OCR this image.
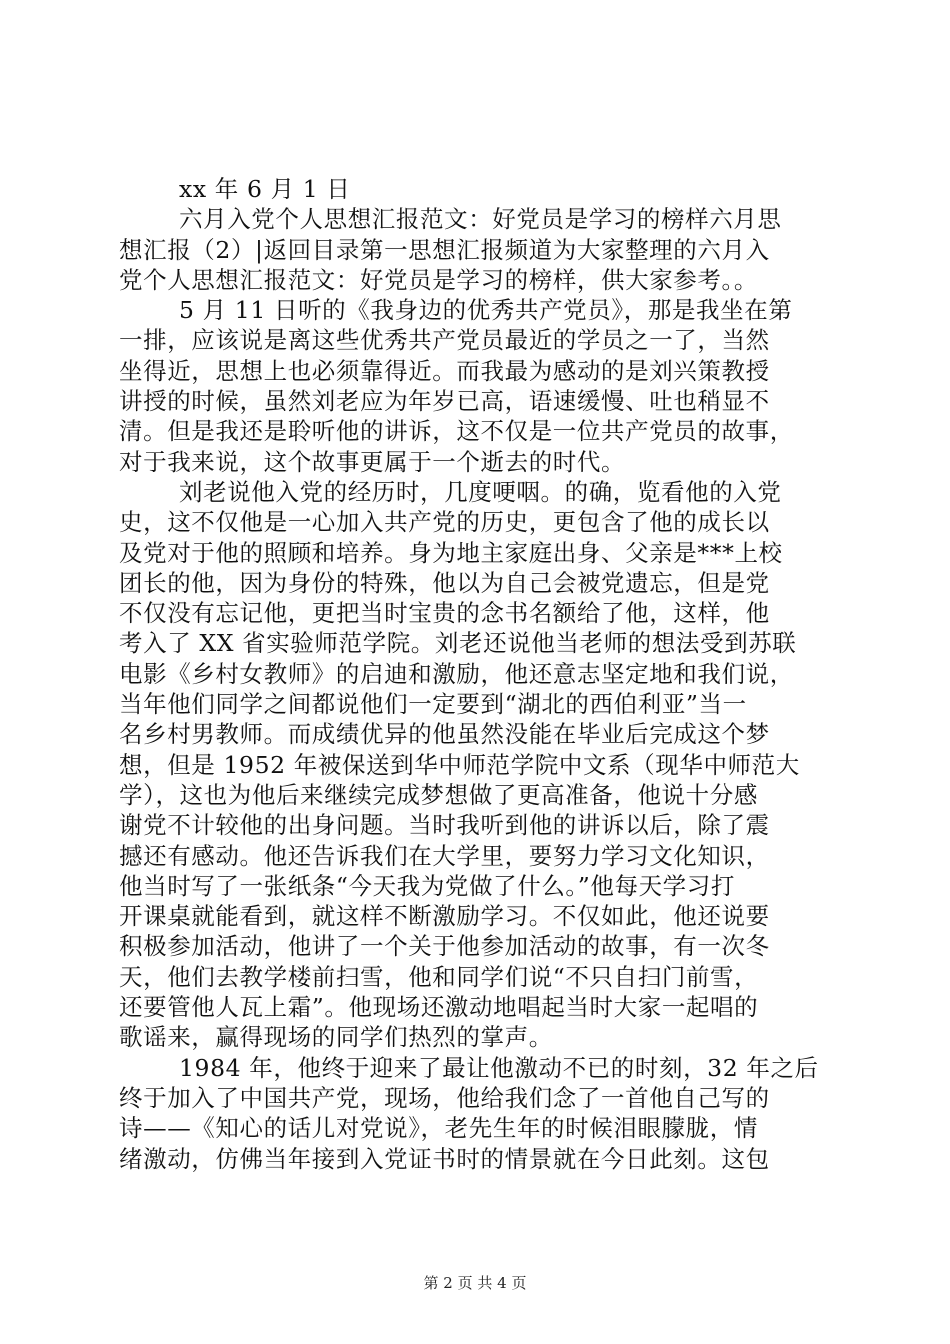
xx 年 6 月 1 日
六月入党个人思想汇报范文：好党员是学习的榜样六月思
想汇报（2）|返回目录第一思想汇报频道为大家整理的六月入
党个人思想汇报范文：好党员是学习的榜样，供大家参考。。
5 月 11 日听的《我身边的优秀共产党员》，那是我坐在第
一排，应该说是离这些优秀共产党员最近的学员之一了，当然
坐得近，思想上也必须靠得近。而我最为感动的是刘兴策教授
讲授的时候，虽然刘老应为年岁已高，语速缓慢、吐也稍显不
清。但是我还是聆听他的讲诉，这不仅是一位共产党员的故事，
对于我来说，这个故事更属于一个逝去的时代。
刘老说他入党的经历时，几度哽咽。的确，览看他的入党
史，这不仅他是一心加入共产党的历史，更包含了他的成长以
及党对于他的照顾和培养。身为地主家庭出身、父亲是***上校
团长的他，因为身份的特殊，他以为自己会被党遗忘，但是党
不仅没有忘记他，更把当时宝贵的念书名额给了他，这样，他
考入了 XX 省实验师范学院。刘老还说他当老师的想法受到苏联
电影《乡村女教师》的启迪和激励，他还意志坚定地和我们说，
当年他们同学之间都说他们一定要到“湖北的西伯利亚”当一
名乡村男教师。而成绩优异的他虽然没能在毕业后完成这个梦
想，但是 1952 年被保送到华中师范学院中文系（现华中师范大
学），这也为他后来继续完成梦想做了更高准备，他说十分感
谢党不计较他的出身问题。当时我听到他的讲诉以后，除了震
撼还有感动。他还告诉我们在大学里，要努力学习文化知识，
他当时写了一张纸条“今天我为党做了什么。”他每天学习打
开课桌就能看到，就这样不断激励学习。不仅如此，他还说要
积极参加活动，他讲了一个关于他参加活动的故事，有一次冬
天，他们去教学楼前扫雪，他和同学们说“不只自扫门前雪，
还要管他人瓦上霜”。他现场还激动地唱起当时大家一起唱的
歌谣来，赢得现场的同学们热烈的掌声。
1984 年，他终于迎来了最让他激动不已的时刻，32 年之后
终于加入了中国共产党，现场，他给我们念了一首他自己写的
诗——《知心的话儿对党说》，老先生年的时候泪眼朦胧，情
绪激动，仿佛当年接到入党证书时的情景就在今日此刻。这包
第 2 页 共 4 页
